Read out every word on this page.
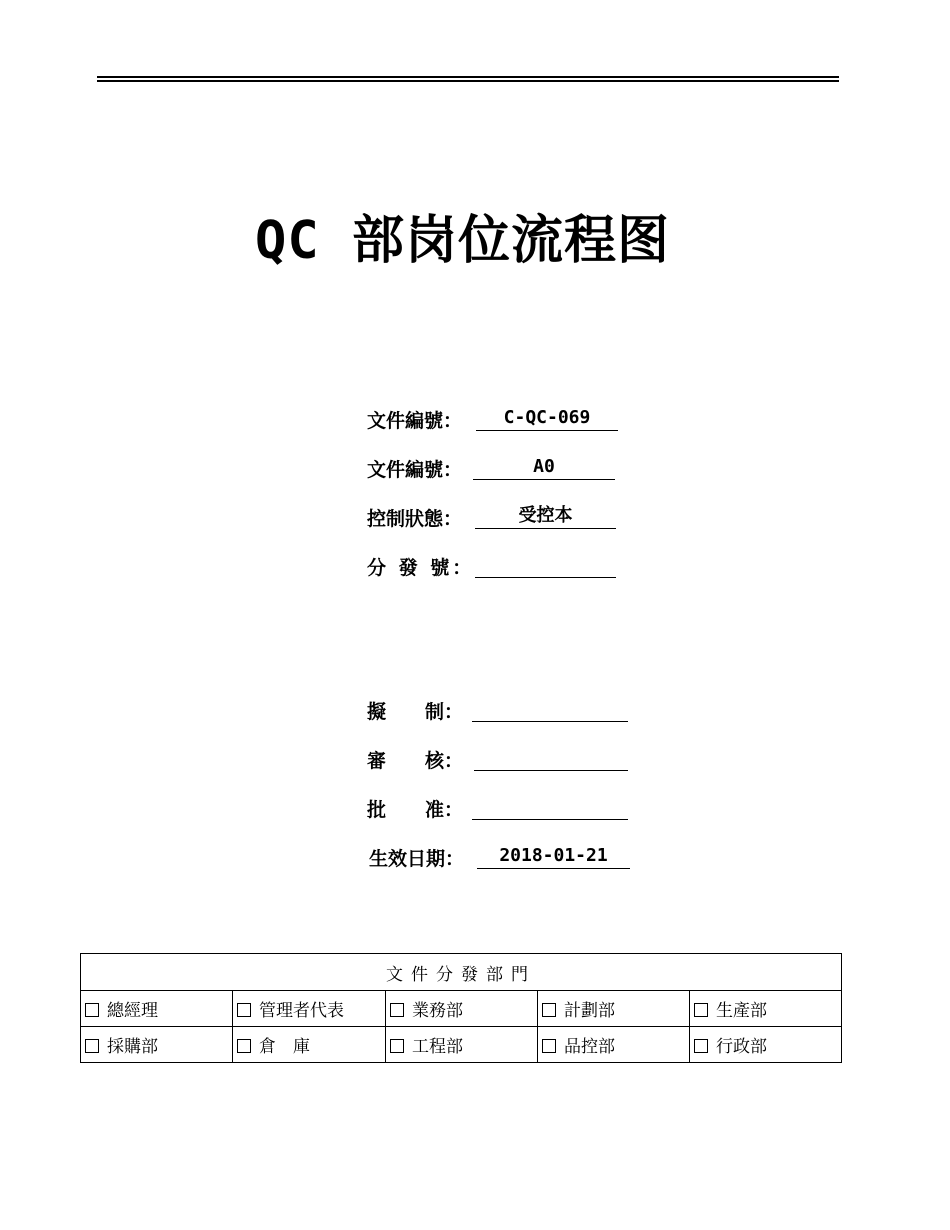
QC 部岗位流程图
文件編號：	C-QC-069
文件編號：	A0
控制狀態：	受控本
分 發 號：
擬 制：
審 核：
批 准：
生效日期：	2018-01-21
文件分發部門				
總經理	管理者代表	業務部	計劃部	生產部
採購部	倉　庫	工程部	品控部	行政部
